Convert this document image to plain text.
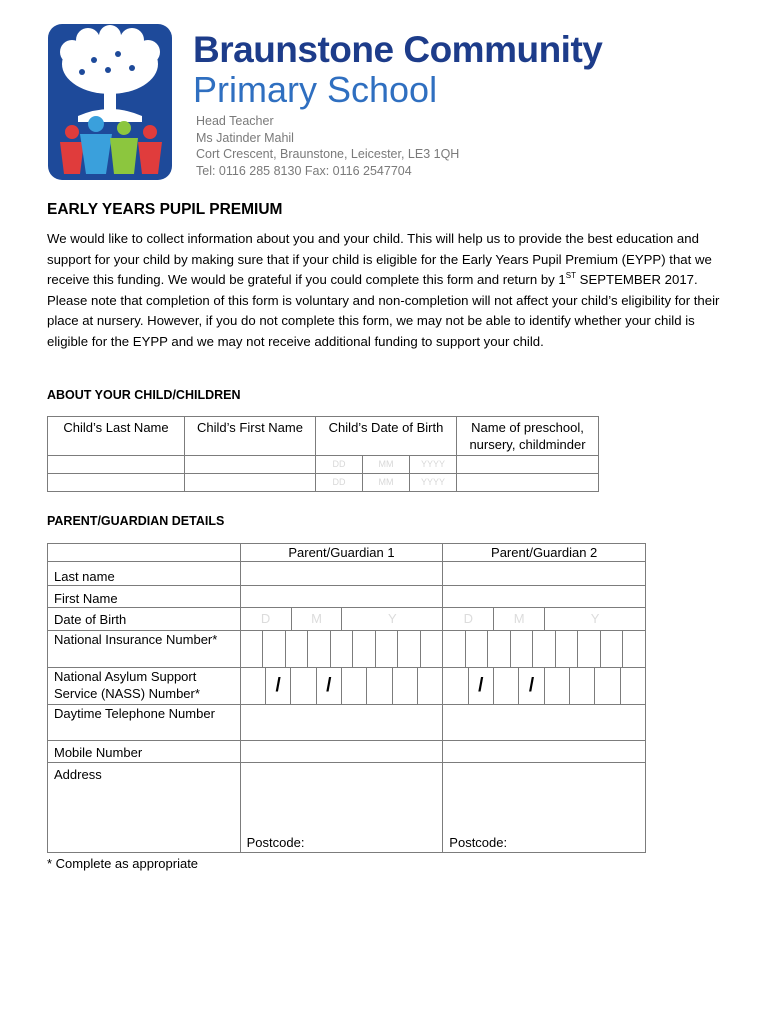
Braunstone Community
Primary School
Head Teacher
Ms Jatinder Mahil
Cort Crescent, Braunstone, Leicester, LE3 1QH
Tel: 0116 285 8130 Fax: 0116 2547704
EARLY YEARS PUPIL PREMIUM
We would like to collect information about you and your child. This will help us to provide the best education and support for your child by making sure that if your child is eligible for the Early Years Pupil Premium (EYPP) that we receive this funding. We would be grateful if you could complete this form and return by 1ST SEPTEMBER 2017. Please note that completion of this form is voluntary and non-completion will not affect your child’s eligibility for their place at nursery. However, if you do not complete this form, we may not be able to identify whether your child is eligible for the EYPP and we may not receive additional funding to support your child.
ABOUT YOUR CHILD/CHILDREN
Child’s Last Name	Child’s First Name	Child’s Date of Birth	Name of preschool, nursery, childminder

		DD MM YYYY	

		DD MM YYYY	

PARENT/GUARDIAN DETAILS
	Parent/Guardian 1	Parent/Guardian 2
Last name		
First Name		
Date of Birth	D M Y	D M Y

National Insurance Number*	

National Asylum Support Service (NASS) Number*	/ /	/ /

Daytime Telephone Number		
Mobile Number		
Address	Postcode:	Postcode:
* Complete as appropriate
